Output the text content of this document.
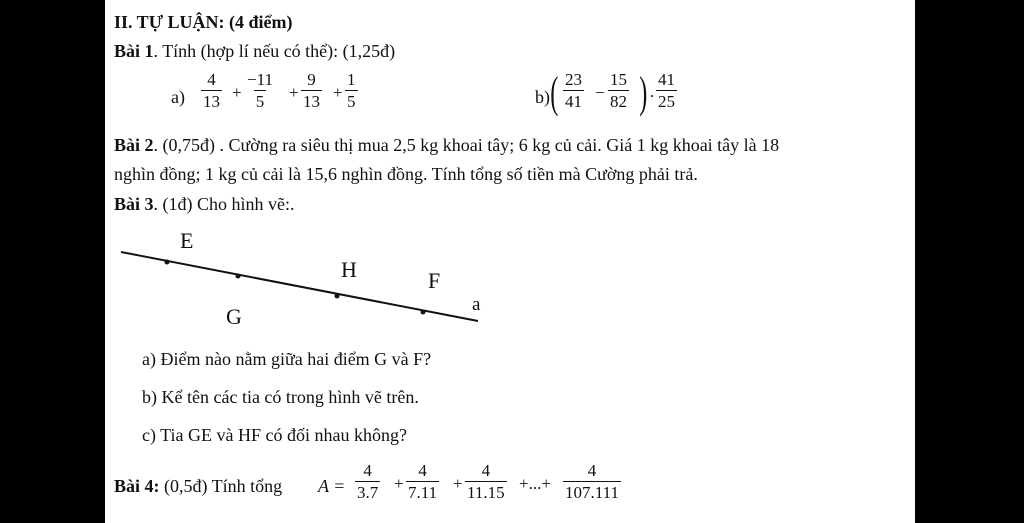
II. TỰ LUẬN: (4 điểm)
Bài 1. Tính (hợp lí nếu có thể): (1,25đ)
$a) \frac{4}{13} + \frac{-11}{5} + \frac{9}{13} + \frac{1}{5}$	b) ( $\frac{23}{41} - \frac{15}{82}$ ) . $\frac{41}{25}$
Bài 2. (0,75đ) . Cường ra siêu thị mua 2,5 kg khoai tây; 6 kg củ cải. Giá 1 kg khoai tây là 18
nghìn đồng; 1 kg củ cải là 15,6 nghìn đồng. Tính tổng số tiền mà Cường phải trả.
Bài 3. (1đ) Cho hình vẽ:.
E
H	F
G	a
a) Điểm nào nằm giữa hai điểm G và F?
b) Kể tên các tia có trong hình vẽ trên.
c) Tia GE và HF có đối nhau không?
Bài 4: (0,5đ) Tính tổng $A = \frac{4}{3.7} + \frac{4}{7.11} + \frac{4}{11.15}$ +...+ $\frac{4}{107.111}$
